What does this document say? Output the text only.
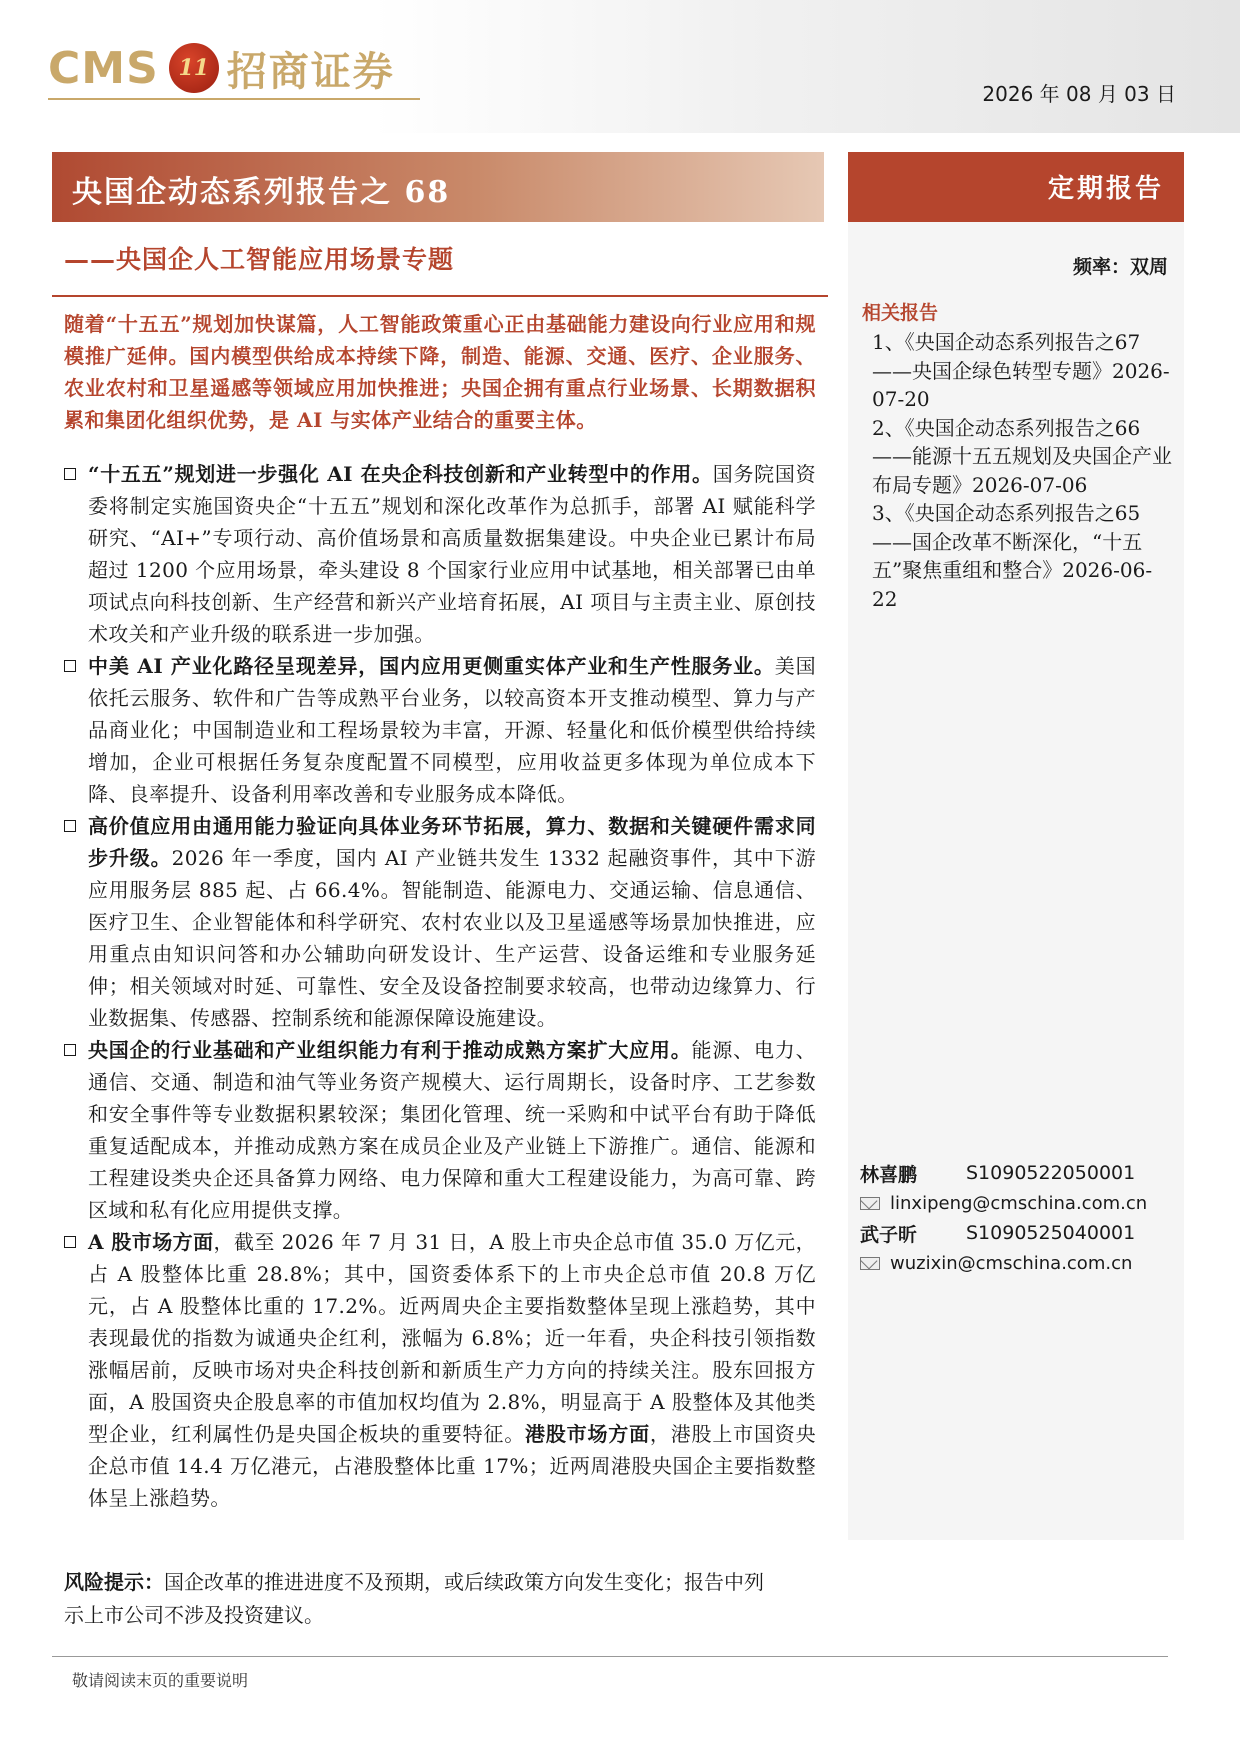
CMS 11 招商证券	2026 年 08 月 03 日
央国企动态系列报告之 68
——央国企人工智能应用场景专题
定期报告
频率：双周
相关报告
1、《央国企动态系列报告之67——央国企绿色转型专题》2026-07-20
2、《央国企动态系列报告之66——能源十五五规划及央国企产业布局专题》2026-07-06
3、《央国企动态系列报告之65——国企改革不断深化，“十五五”聚焦重组和整合》2026-06-22
随着“十五五”规划加快谋篇，人工智能政策重心正由基础能力建设向行业应用和规模推广延伸。国内模型供给成本持续下降，制造、能源、交通、医疗、企业服务、农业农村和卫星遥感等领域应用加快推进；央国企拥有重点行业场景、长期数据积累和集团化组织优势，是 AI 与实体产业结合的重要主体。
“十五五”规划进一步强化 AI 在央企科技创新和产业转型中的作用。国务院国资委将制定实施国资央企“十五五”规划和深化改革作为总抓手，部署 AI 赋能科学研究、“AI+”专项行动、高价值场景和高质量数据集建设。中央企业已累计布局超过 1200 个应用场景，牵头建设 8 个国家行业应用中试基地，相关部署已由单项试点向科技创新、生产经营和新兴产业培育拓展，AI 项目与主责主业、原创技术攻关和产业升级的联系进一步加强。
中美 AI 产业化路径呈现差异，国内应用更侧重实体产业和生产性服务业。美国依托云服务、软件和广告等成熟平台业务，以较高资本开支推动模型、算力与产品商业化；中国制造业和工程场景较为丰富，开源、轻量化和低价模型供给持续增加，企业可根据任务复杂度配置不同模型，应用收益更多体现为单位成本下降、良率提升、设备利用率改善和专业服务成本降低。
高价值应用由通用能力验证向具体业务环节拓展，算力、数据和关键硬件需求同步升级。2026 年一季度，国内 AI 产业链共发生 1332 起融资事件，其中下游应用服务层 885 起、占 66.4%。智能制造、能源电力、交通运输、信息通信、医疗卫生、企业智能体和科学研究、农村农业以及卫星遥感等场景加快推进，应用重点由知识问答和办公辅助向研发设计、生产运营、设备运维和专业服务延伸；相关领域对时延、可靠性、安全及设备控制要求较高，也带动边缘算力、行业数据集、传感器、控制系统和能源保障设施建设。
央国企的行业基础和产业组织能力有利于推动成熟方案扩大应用。能源、电力、通信、交通、制造和油气等业务资产规模大、运行周期长，设备时序、工艺参数和安全事件等专业数据积累较深；集团化管理、统一采购和中试平台有助于降低重复适配成本，并推动成熟方案在成员企业及产业链上下游推广。通信、能源和工程建设类央企还具备算力网络、电力保障和重大工程建设能力，为高可靠、跨区域和私有化应用提供支撑。
A 股市场方面，截至 2026 年 7 月 31 日，A 股上市央企总市值 35.0 万亿元，占 A 股整体比重 28.8%；其中，国资委体系下的上市央企总市值 20.8 万亿元，占 A 股整体比重的 17.2%。近两周央企主要指数整体呈现上涨趋势，其中表现最优的指数为诚通央企红利，涨幅为 6.8%；近一年看，央企科技引领指数涨幅居前，反映市场对央企科技创新和新质生产力方向的持续关注。股东回报方面，A 股国资央企股息率的市值加权均值为 2.8%，明显高于 A 股整体及其他类型企业，红利属性仍是央国企板块的重要特征。港股市场方面，港股上市国资央企总市值 14.4 万亿港元，占港股整体比重 17%；近两周港股央国企主要指数整体呈上涨趋势。
风险提示：国企改革的推进进度不及预期，或后续政策方向发生变化；报告中列示上市公司不涉及投资建议。
林喜鹏	S1090522050001
linxipeng@cmschina.com.cn
武子昕	S1090525040001
wuzixin@cmschina.com.cn
敬请阅读末页的重要说明
